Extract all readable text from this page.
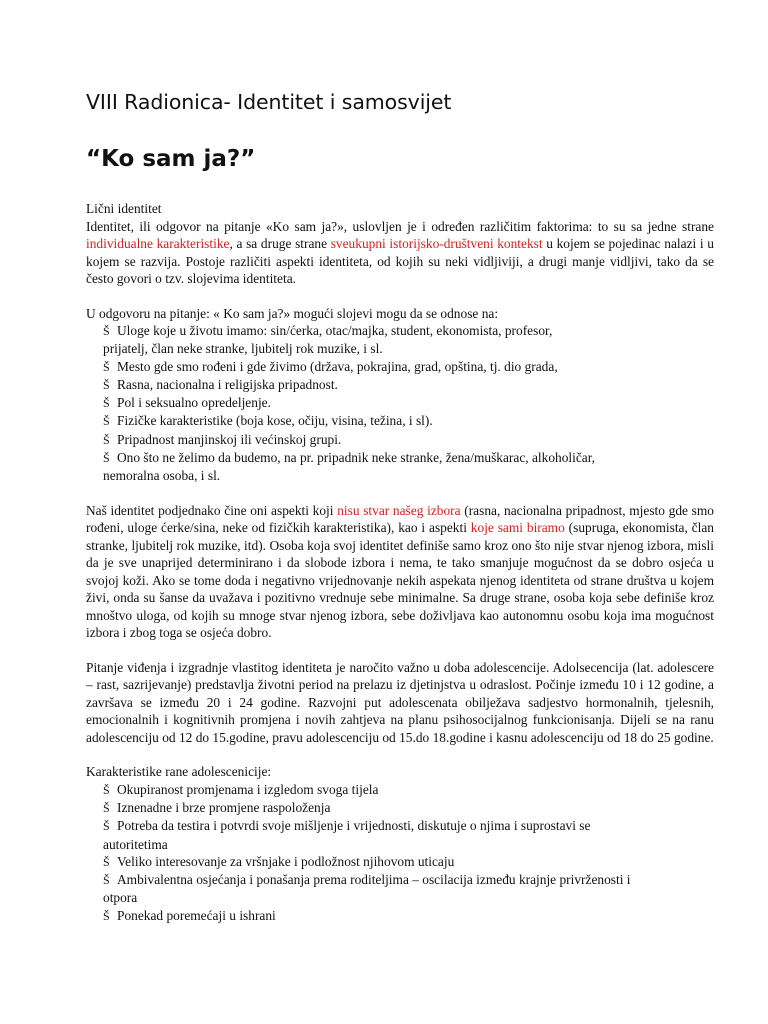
VIII Radionica- Identitet i samosvijet
“Ko sam ja?”

Lični identitet

Identitet, ili odgovor na pitanje «Ko sam ja?», uslovljen je i određen različitim faktorima: to su sa jedne strane individualne karakteristike, a sa druge strane sveukupni istorijsko-društveni kontekst u kojem se pojedinac nalazi i u kojem se razvija. Postoje različiti aspekti identiteta, od kojih su neki vidljiviji, a drugi manje vidljivi, tako da se često govori o tzv. slojevima identiteta.

U odgovoru na pitanje: « Ko sam ja?» mogući slojevi mogu da se odnose na:

Š Uloge koje u životu imamo: sin/ćerka, otac/majka, student, ekonomista, profesor,
prijatelj, član neke stranke, ljubitelj rok muzike, i sl.
Š Mesto gde smo rođeni i gde živimo (država, pokrajina, grad, opština, tj. dio grada,
Š Rasna, nacionalna i religijska pripadnost.
Š Pol i seksualno opredeljenje.
Š Fizičke karakteristike (boja kose, očiju, visina, težina, i sl).
Š Pripadnost manjinskoj ili većinskoj grupi.
Š Ono što ne želimo da budemo, na pr. pripadnik neke stranke, žena/muškarac, alkoholičar,
nemoralna osoba, i sl.

Naš identitet podjednako čine oni aspekti koji nisu stvar našeg izbora (rasna, nacionalna pripadnost, mjesto gde smo rođeni, uloge ćerke/sina, neke od fizičkih karakteristika), kao i aspekti koje sami biramo (supruga, ekonomista, član stranke, ljubitelj rok muzike, itd). Osoba koja svoj identitet definiše samo kroz ono što nije stvar njenog izbora, misli da je sve unaprijed determinirano i da slobode izbora i nema, te tako smanjuje mogućnost da se dobro osjeća u svojoj koži. Ako se tome doda i negativno vrijednovanje nekih aspekata njenog identiteta od strane društva u kojem živi, onda su šanse da uvažava i pozitivno vrednuje sebe minimalne. Sa druge strane, osoba koja sebe definiše kroz mnoštvo uloga, od kojih su mnoge stvar njenog izbora, sebe doživljava kao autonomnu osobu koja ima mogućnost izbora i zbog toga se osjeća dobro.

Pitanje viđenja i izgradnje vlastitog identiteta je naročito važno u doba adolescencije. Adolsecencija (lat. adolescere – rast, sazrijevanje) predstavlja životni period na prelazu iz djetinjstva u odraslost. Počinje između 10 i 12 godine, a završava se između 20 i 24 godine. Razvojni put adolescenata obilježava sadjestvo hormonalnih, tjelesnih, emocionalnih i kognitivnih promjena i novih zahtjeva na planu psihosocijalnog funkcionisanja. Dijeli se na ranu adolescenciju od 12 do 15.godine, pravu adolescenciju od 15.do 18.godine i kasnu adolescenciju od 18 do 25 godine.

Karakteristike rane adolescenicije:

Š Okupiranost promjenama i izgledom svoga tijela
Š Iznenadne i brze promjene raspoloženja
Š Potreba da testira i potvrdi svoje mišljenje i vrijednosti, diskutuje o njima i suprostavi se
autoritetima
Š Veliko interesovanje za vršnjake i podložnost njihovom uticaju
Š Ambivalentna osjećanja i ponašanja prema roditeljima – oscilacija između krajnje privrženosti i
otpora
Š Ponekad poremećaji u ishrani
